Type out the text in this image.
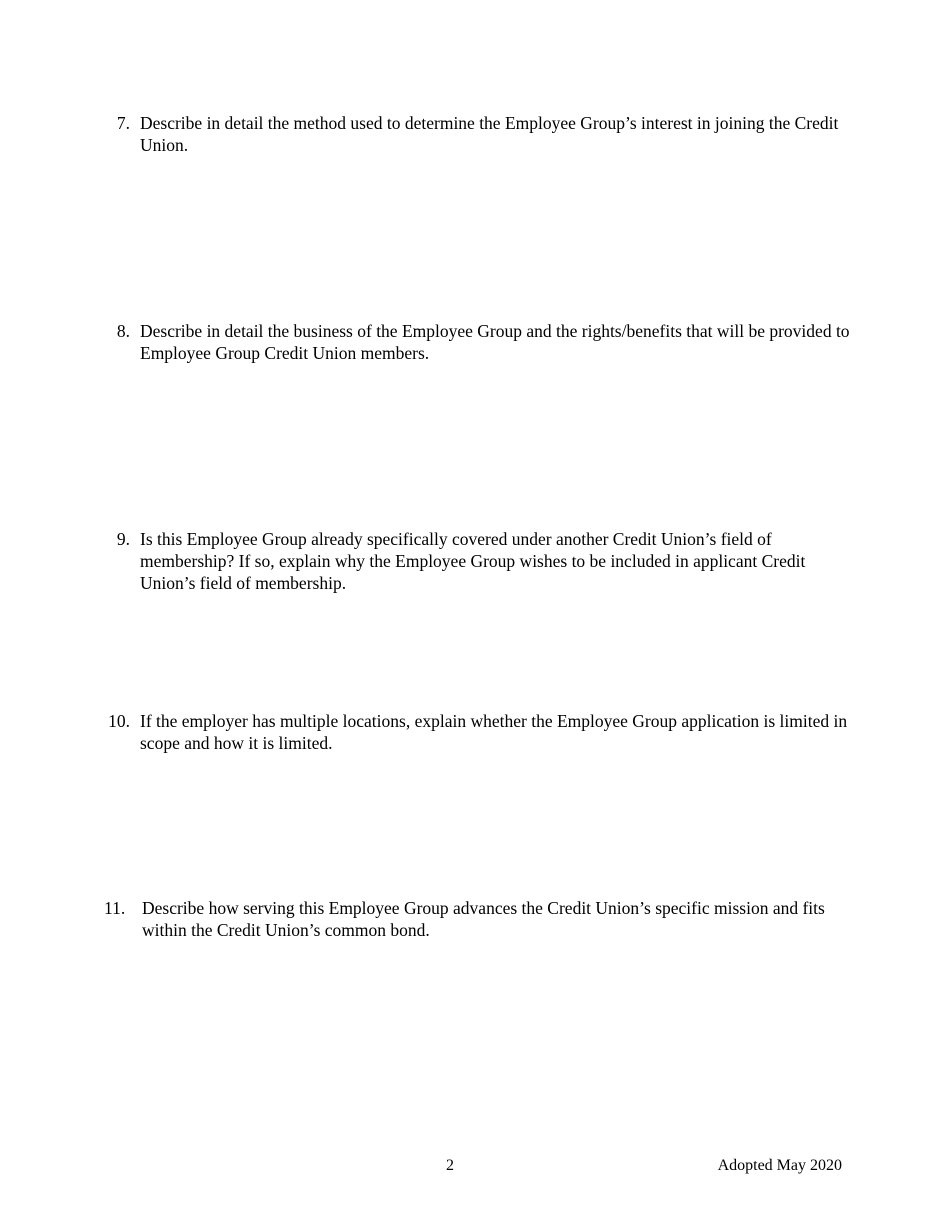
7. Describe in detail the method used to determine the Employee Group’s interest in joining the Credit Union.
8. Describe in detail the business of the Employee Group and the rights/benefits that will be provided to Employee Group Credit Union members.
9. Is this Employee Group already specifically covered under another Credit Union’s field of membership? If so, explain why the Employee Group wishes to be included in applicant Credit Union’s field of membership.
10. If the employer has multiple locations, explain whether the Employee Group application is limited in scope and how it is limited.
11. Describe how serving this Employee Group advances the Credit Union’s specific mission and fits within the Credit Union’s common bond.
2	Adopted May 2020
